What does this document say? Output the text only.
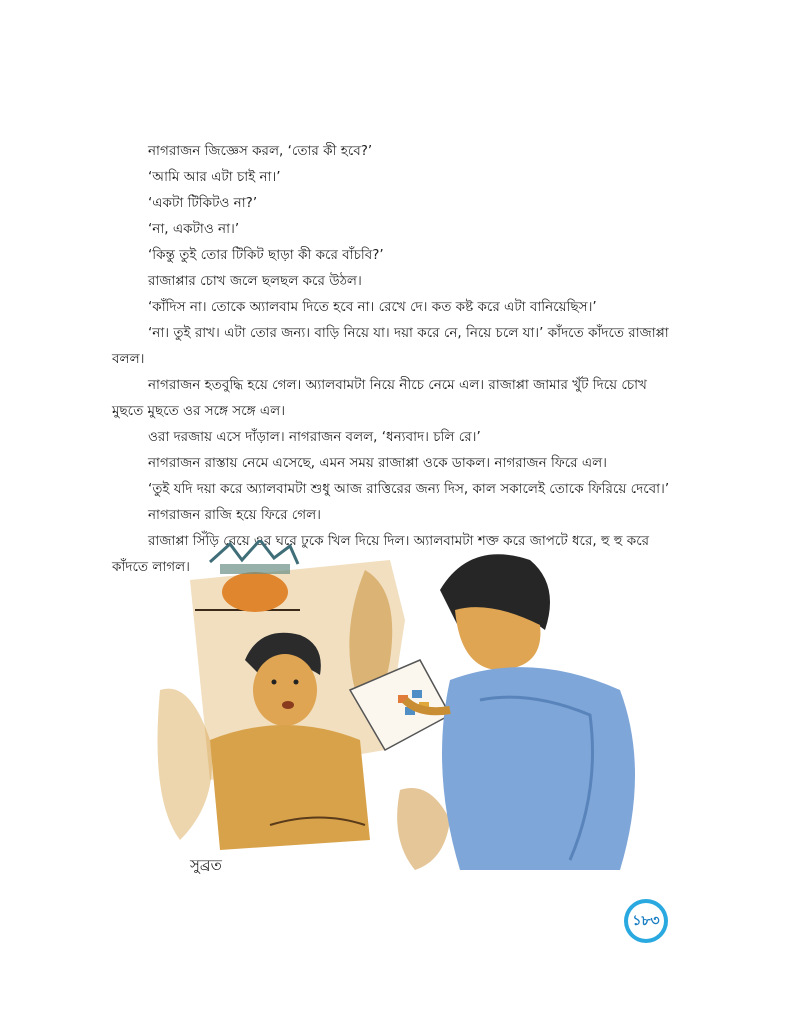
নাগরাজন জিজ্ঞেস করল, ‘তোর কী হবে?’

‘আমি আর এটা চাই না।’

‘একটা টিকিটও না?’

‘না, একটাও না।’

‘কিন্তু তুই তোর টিকিট ছাড়া কী করে বাঁচবি?’

রাজাপ্পার চোখ জলে ছলছল করে উঠল।

‘কাঁদিস না। তোকে অ্যালবাম দিতে হবে না। রেখে দে। কত কষ্ট করে এটা বানিয়েছিস।’

‘না। তুই রাখ। এটা তোর জন্য। বাড়ি নিয়ে যা। দয়া করে নে, নিয়ে চলে যা।’ কাঁদতে কাঁদতে রাজাপ্পা বলল।

নাগরাজন হতবুদ্ধি হয়ে গেল। অ্যালবামটা নিয়ে নীচে নেমে এল। রাজাপ্পা জামার খুঁট দিয়ে চোখ মুছতে মুছতে ওর সঙ্গে সঙ্গে এল।

ওরা দরজায় এসে দাঁড়াল। নাগরাজন বলল, ‘ধন্যবাদ। চলি রে।’

নাগরাজন রাস্তায় নেমে এসেছে, এমন সময় রাজাপ্পা ওকে ডাকল। নাগরাজন ফিরে এল।

‘তুই যদি দয়া করে অ্যালবামটা শুধু আজ রাত্তিরের জন্য দিস, কাল সকালেই তোকে ফিরিয়ে দেবো।’

নাগরাজন রাজি হয়ে ফিরে গেল।

রাজাপ্পা সিঁড়ি বেয়ে ওর ঘরে ঢুকে খিল দিয়ে দিল। অ্যালবামটা শক্ত করে জাপটে ধরে, হু হু করে কাঁদতে লাগল।

সুব্রত
১৮৩
